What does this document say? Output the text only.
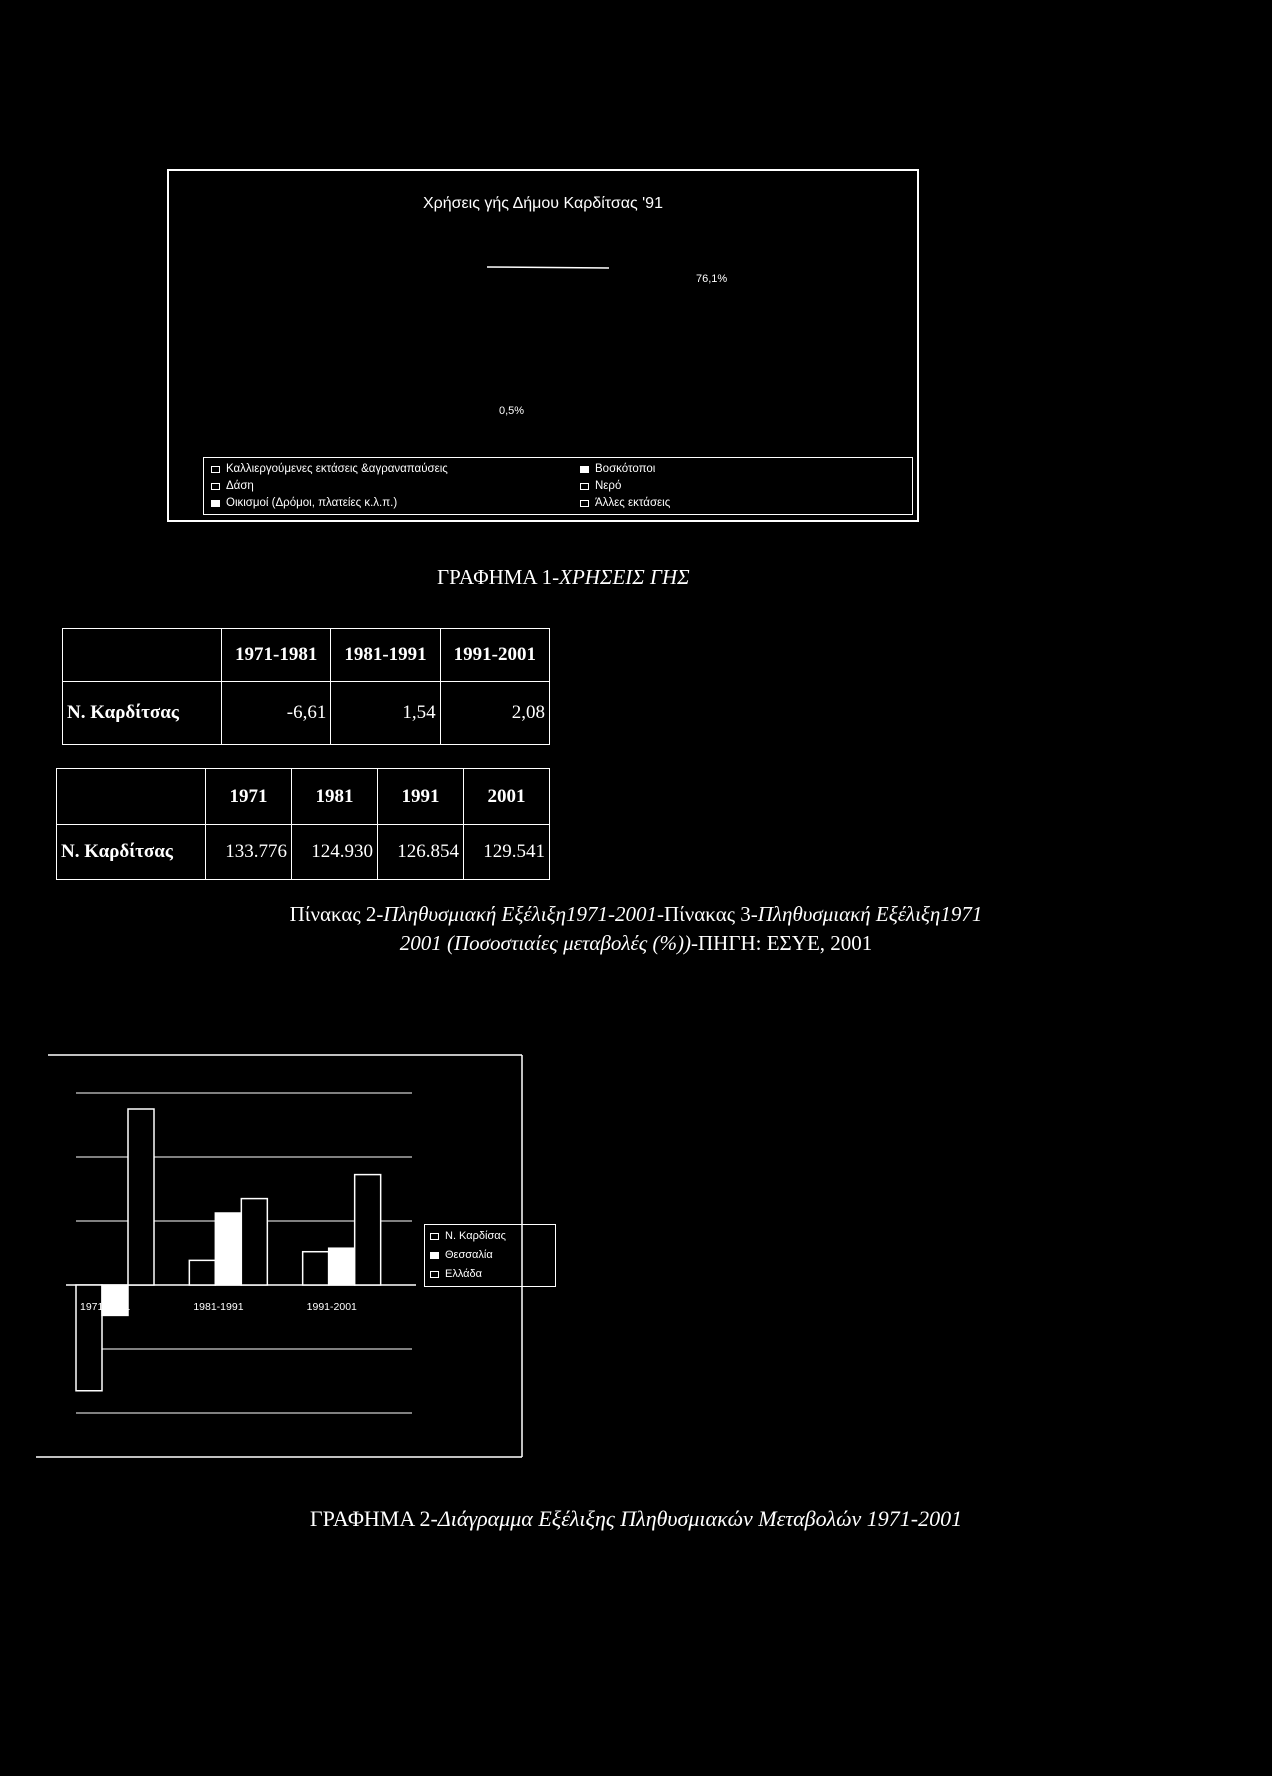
Χρήσεις γής Δήμου Καρδίτσας '91
76,1%
0,5%
Καλλιεργούμενες εκτάσεις &αγραναπαύσεις	Βοσκότοποι
Δάση	Νερό
Οικισμοί (Δρόμοι, πλατείες κ.λ.π.)	Άλλες εκτάσεις
ΓΡΑΦΗΜΑ 1-ΧΡΗΣΕΙΣ ΓΗΣ
	1971-1981	1981-1991	1991-2001
Ν. Καρδίτσας	-6,61	1,54	2,08
	1971	1981	1991	2001
Ν. Καρδίτσας	133.776	124.930	126.854	129.541
Πίνακας 2-Πληθυσμιακή Εξέλιξη1971-2001-Πίνακας 3-Πληθυσμιακή Εξέλιξη1971
2001 (Ποσοστιαίες μεταβολές (%))-ΠΗΓΗ: ΕΣΥΕ, 2001
1971-1981	1981-1991	1991-2001
Ν. Καρδίσας
Θεσσαλία
Ελλάδα
ΓΡΑΦΗΜΑ 2-Διάγραμμα Εξέλιξης Πληθυσμιακών Μεταβολών 1971-2001
